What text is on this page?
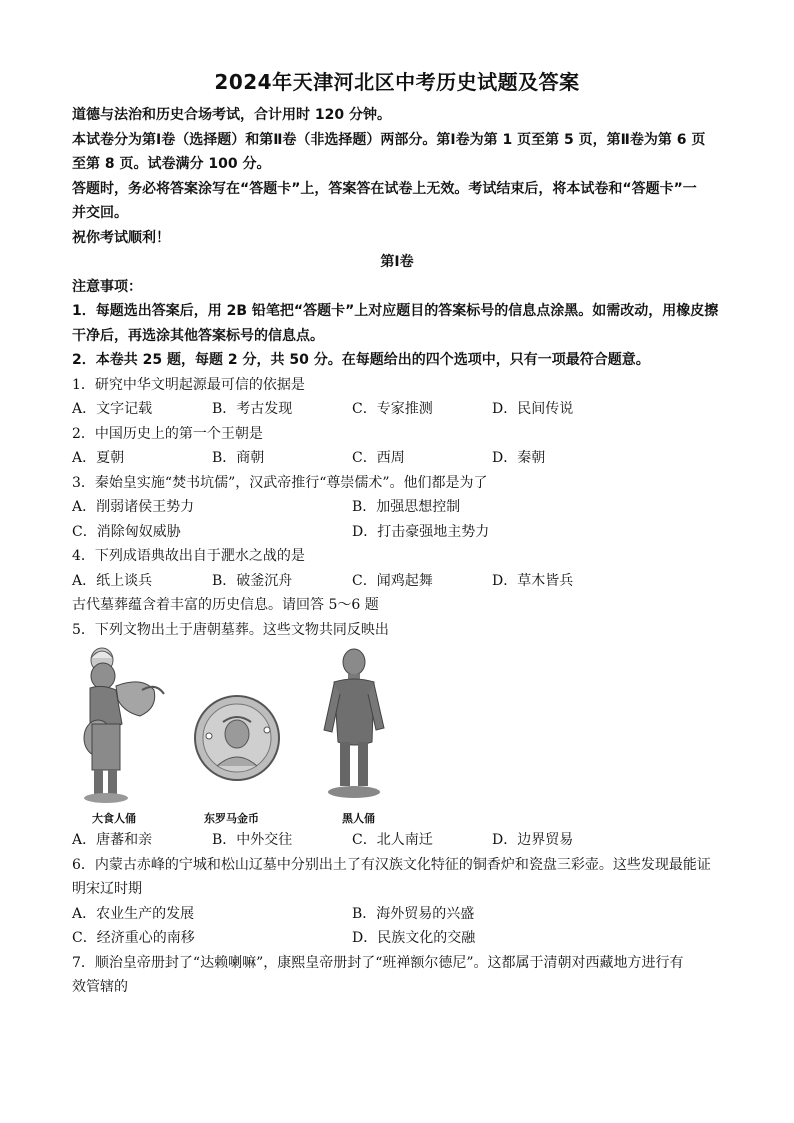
2024年天津河北区中考历史试题及答案

道德与法治和历史合场考试，合计用时 120 分钟。

本试卷分为第Ⅰ卷（选择题）和第Ⅱ卷（非选择题）两部分。第Ⅰ卷为第 1 页至第 5 页，第Ⅱ卷为第 6 页

至第 8 页。试卷满分 100 分。

答题时，务必将答案涂写在“答题卡”上，答案答在试卷上无效。考试结束后，将本试卷和“答题卡”一

并交回。

祝你考试顺利！

第Ⅰ卷

注意事项：

1．每题选出答案后，用 2B 铅笔把“答题卡”上对应题目的答案标号的信息点涂黑。如需改动，用橡皮擦

干净后，再选涂其他答案标号的信息点。

2．本卷共 25 题，每题 2 分，共 50 分。在每题给出的四个选项中，只有一项最符合题意。

1．研究中华文明起源最可信的依据是

A．文字记载	B．考古发现	C．专家推测	D．民间传说

2．中国历史上的第一个王朝是

A．夏朝	B．商朝	C．西周	D．秦朝

3．秦始皇实施“焚书坑儒”，汉武帝推行“尊崇儒术”。他们都是为了

A．削弱诸侯王势力	B．加强思想控制
C．消除匈奴威胁	D．打击豪强地主势力

4．下列成语典故出自于淝水之战的是

A．纸上谈兵	B．破釜沉舟	C．闻鸡起舞	D．草木皆兵

古代墓葬蕴含着丰富的历史信息。请回答 5～6 题

5．下列文物出土于唐朝墓葬。这些文物共同反映出

大食人俑	东罗马金币	黑人俑
A．唐蕃和亲	B．中外交往	C．北人南迁	D．边界贸易

6．内蒙古赤峰的宁城和松山辽墓中分别出土了有汉族文化特征的铜香炉和瓷盘三彩壶。这些发现最能证

明宋辽时期

A．农业生产的发展	B．海外贸易的兴盛
C．经济重心的南移	D．民族文化的交融

7．顺治皇帝册封了“达赖喇嘛”，康熙皇帝册封了“班禅额尔德尼”。这都属于清朝对西藏地方进行有

效管辖的
